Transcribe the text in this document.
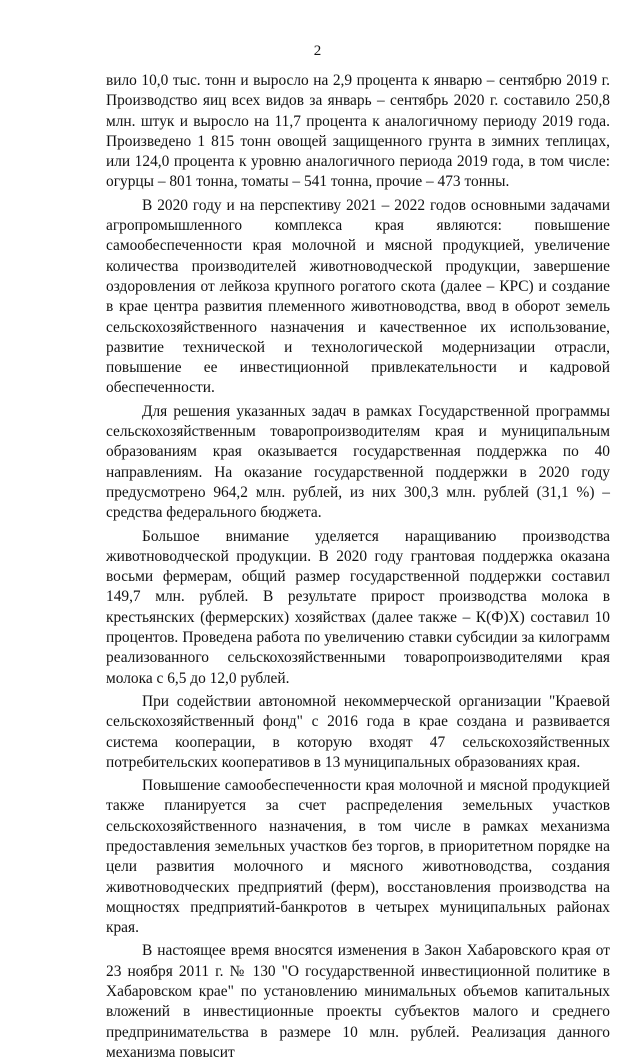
2

вило 10,0 тыс. тонн и выросло на 2,9 процента к январю – сентябрю 2019 г. Производство яиц всех видов за январь – сентябрь 2020 г. составило 250,8 млн. штук и выросло на 11,7 процента к аналогичному периоду 2019 года. Произведено 1 815 тонн овощей защищенного грунта в зимних теплицах, или 124,0 процента к уровню аналогичного периода 2019 года, в том числе: огурцы – 801 тонна, томаты – 541 тонна, прочие – 473 тонны.

В 2020 году и на перспективу 2021 – 2022 годов основными задачами агропромышленного комплекса края являются: повышение самообеспеченности края молочной и мясной продукцией, увеличение количества производителей животноводческой продукции, завершение оздоровления от лейкоза крупного рогатого скота (далее – КРС) и создание в крае центра развития племенного животноводства, ввод в оборот земель сельскохозяйственного назначения и качественное их использование, развитие технической и технологической модернизации отрасли, повышение ее инвестиционной привлекательности и кадровой обеспеченности.

Для решения указанных задач в рамках Государственной программы сельскохозяйственным товаропроизводителям края и муниципальным образованиям края оказывается государственная поддержка по 40 направлениям. На оказание государственной поддержки в 2020 году предусмотрено 964,2 млн. рублей, из них 300,3 млн. рублей (31,1 %) – средства федерального бюджета.

Большое внимание уделяется наращиванию производства животноводческой продукции. В 2020 году грантовая поддержка оказана восьми фермерам, общий размер государственной поддержки составил 149,7 млн. рублей. В результате прирост производства молока в крестьянских (фермерских) хозяйствах (далее также – К(Ф)Х) составил 10 процентов. Проведена работа по увеличению ставки субсидии за килограмм реализованного сельскохозяйственными товаропроизводителями края молока с 6,5 до 12,0 рублей.

При содействии автономной некоммерческой организации "Краевой сельскохозяйственный фонд" с 2016 года в крае создана и развивается система кооперации, в которую входят 47 сельскохозяйственных потребительских кооперативов в 13 муниципальных образованиях края.

Повышение самообеспеченности края молочной и мясной продукцией также планируется за счет распределения земельных участков сельскохозяйственного назначения, в том числе в рамках механизма предоставления земельных участков без торгов, в приоритетном порядке на цели развития молочного и мясного животноводства, создания животноводческих предприятий (ферм), восстановления производства на мощностях предприятий-банкротов в четырех муниципальных районах края.

В настоящее время вносятся изменения в Закон Хабаровского края от 23 ноября 2011 г. № 130 "О государственной инвестиционной политике в Хабаровском крае" по установлению минимальных объемов капитальных вложений в инвестиционные проекты субъектов малого и среднего предпринимательства в размере 10 млн. рублей. Реализация данного механизма повысит
